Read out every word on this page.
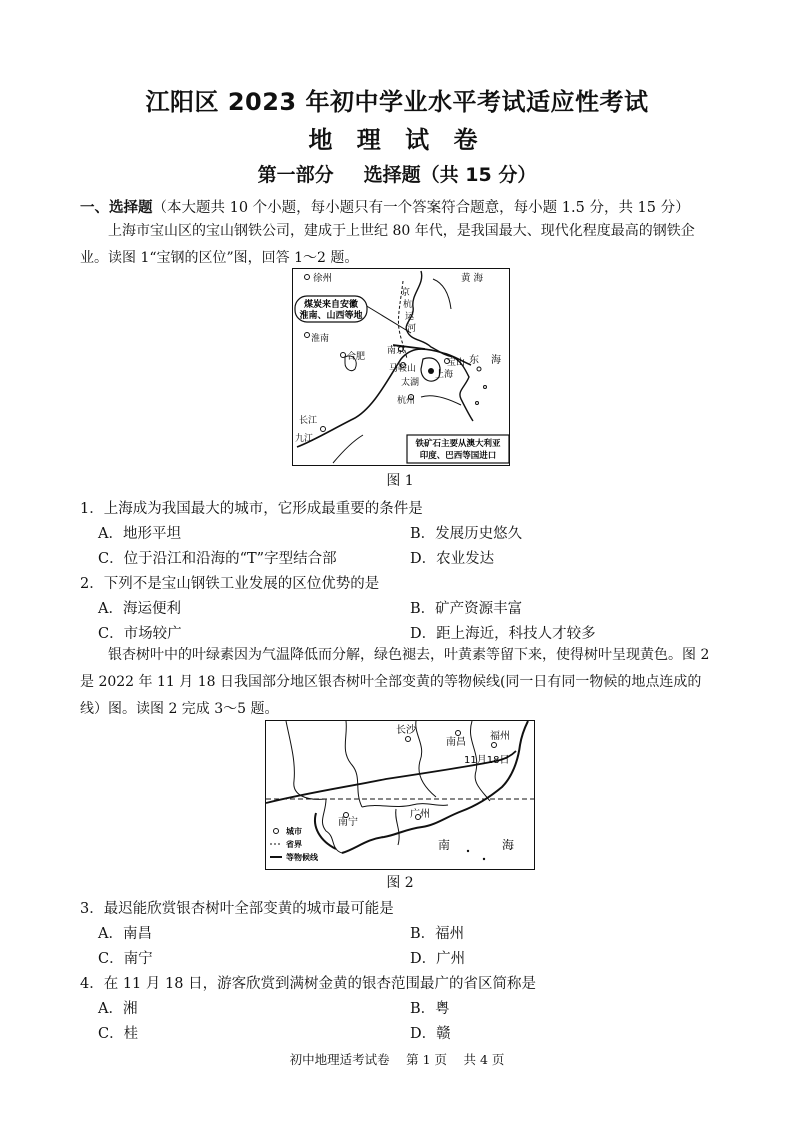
江阳区 2023 年初中学业水平考试适应性考试
地 理 试 卷
第一部分 选择题（共 15 分）
一、选择题（本大题共 10 个小题，每小题只有一个答案符合题意，每小题 1.5 分，共 15 分）
上海市宝山区的宝山钢铁公司，建成于上世纪 80 年代，是我国最大、现代化程度最高的钢铁企业。读图 1“宝钢的区位”图，回答 1～2 题。
煤炭来自安徽
淮南、山西等地
铁矿石主要从澳大利亚
印度、巴西等国进口
徐州	黄 海
京
杭
运
河
淮南
南京
合肥
马鞍山
宝山
上海
东 海
太湖
杭州
长江
九江
图 1
1．上海成为我国最大的城市，它形成最重要的条件是
A．地形平坦	B．发展历史悠久
C．位于沿江和沿海的“T”字型结合部	D．农业发达
2．下列不是宝山钢铁工业发展的区位优势的是
A．海运便利	B．矿产资源丰富
C．市场较广	D．距上海近，科技人才较多
银杏树叶中的叶绿素因为气温降低而分解，绿色褪去，叶黄素等留下来，使得树叶呈现黄色。图 2 是 2022 年 11 月 18 日我国部分地区银杏树叶全部变黄的等物候线(同一日有同一物候的地点连成的线）图。读图 2 完成 3～5 题。
长沙
南昌
福州
11月18日
南宁
广州
南	海
城市
省界
等物候线
图 2
3．最迟能欣赏银杏树叶全部变黄的城市最可能是
A．南昌	B．福州
C．南宁	D．广州
4．在 11 月 18 日，游客欣赏到满树金黄的银杏范围最广的省区简称是
A．湘	B．粤
C．桂	D．赣
初中地理适考试卷　 第 1 页　 共 4 页
